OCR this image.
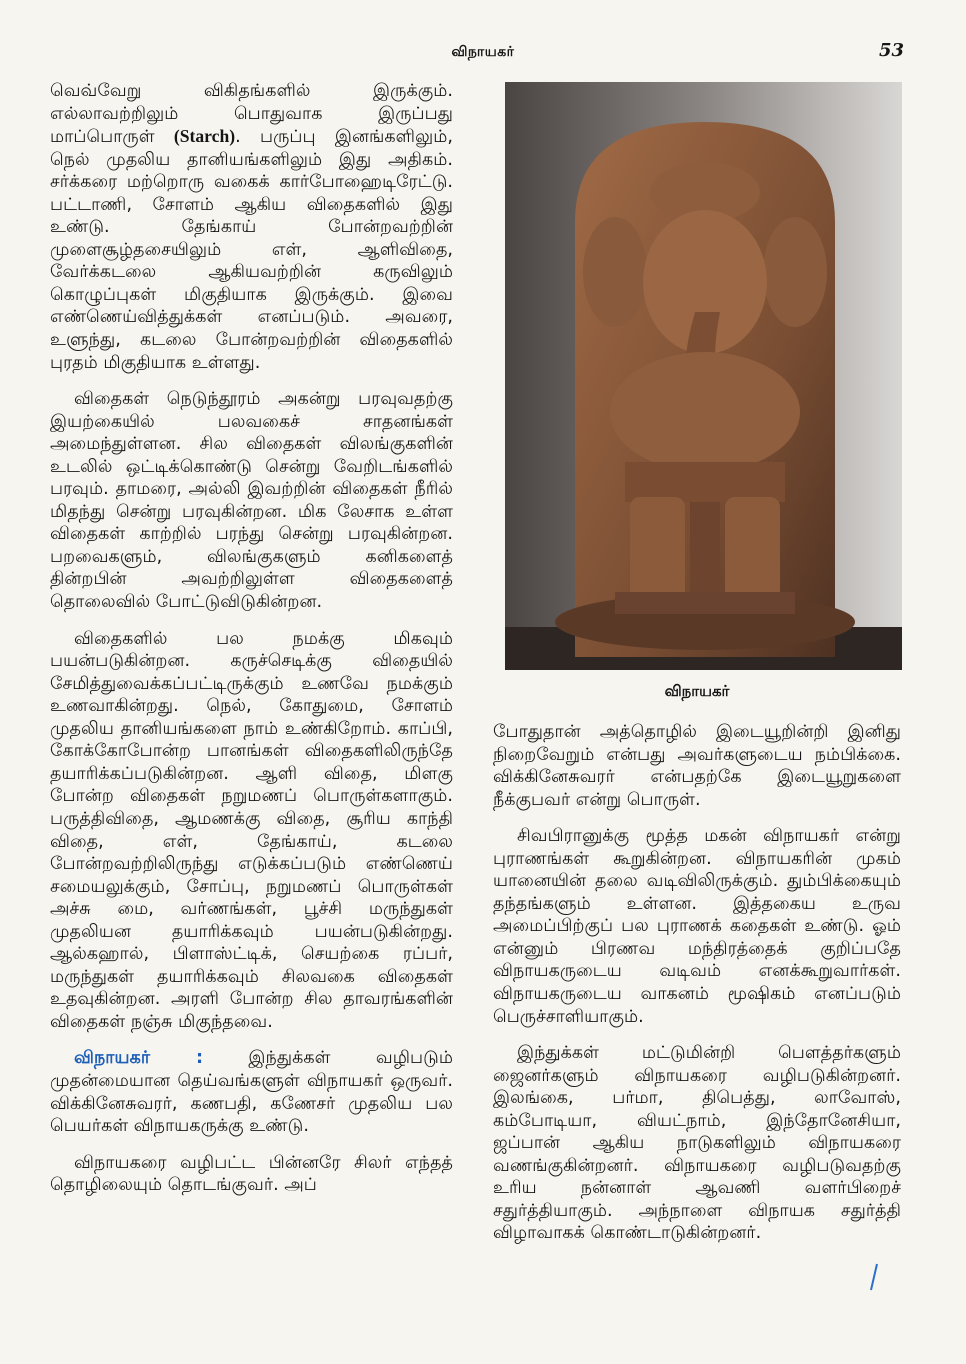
விநாயகர்	53

வெவ்வேறு விகிதங்களில் இருக்கும். எல்லாவற்றிலும் பொதுவாக இருப்பது மாப்பொருள் (Starch). பருப்பு இனங்களிலும், நெல் முதலிய தானியங்களிலும் இது அதிகம். சர்க்கரை மற்றொரு வகைக் கார்போஹைடிரேட்டு. பட்டாணி, சோளம் ஆகிய விதைகளில் இது உண்டு. தேங்காய் போன்றவற்றின் முளைசூழ்தசையிலும் எள், ஆளிவிதை, வேர்க்கடலை ஆகியவற்றின் கருவிலும் கொழுப்புகள் மிகுதியாக இருக்கும். இவை எண்ணெய்வித்துக்கள் எனப்படும். அவரை, உளுந்து, கடலை போன்றவற்றின் விதைகளில் புரதம் மிகுதியாக உள்ளது.

விதைகள் நெடுந்தூரம் அகன்று பரவுவதற்கு இயற்கையில் பலவகைச் சாதனங்கள் அமைந்துள்ளன. சில விதைகள் விலங்குகளின் உடலில் ஒட்டிக்கொண்டு சென்று வேறிடங்களில் பரவும். தாமரை, அல்லி இவற்றின் விதைகள் நீரில் மிதந்து சென்று பரவுகின்றன. மிக லேசாக உள்ள விதைகள் காற்றில் பரந்து சென்று பரவுகின்றன. பறவைகளும், விலங்குகளும் கனிகளைத் தின்றபின் அவற்றிலுள்ள விதைகளைத் தொலைவில் போட்டுவிடுகின்றன.

விதைகளில் பல நமக்கு மிகவும் பயன்படுகின்றன. கருச்செடிக்கு விதையில் சேமித்துவைக்கப்பட்டிருக்கும் உணவே நமக்கும் உணவாகின்றது. நெல், கோதுமை, சோளம் முதலிய தானியங்களை நாம் உண்கிறோம். காப்பி, கோக்கோபோன்ற பானங்கள் விதைகளிலிருந்தே தயாரிக்கப்படுகின்றன. ஆளி விதை, மிளகு போன்ற விதைகள் நறுமணப் பொருள்களாகும். பருத்திவிதை, ஆமணக்கு விதை, சூரிய காந்தி விதை, எள், தேங்காய், கடலை போன்றவற்றிலிருந்து எடுக்கப்படும் எண்ணெய் சமையலுக்கும், சோப்பு, நறுமணப் பொருள்கள் அச்சு மை, வர்ணங்கள், பூச்சி மருந்துகள் முதலியன தயாரிக்கவும் பயன்படுகின்றது. ஆல்கஹால், பிளாஸ்ட்டிக், செயற்கை ரப்பர், மருந்துகள் தயாரிக்கவும் சிலவகை விதைகள் உதவுகின்றன. அரளி போன்ற சில தாவரங்களின் விதைகள் நஞ்சு மிகுந்தவை.

விநாயகர் : இந்துக்கள் வழிபடும் முதன்மையான தெய்வங்களுள் விநாயகர் ஒருவர். விக்கினேசுவரர், கணபதி, கணேசர் முதலிய பல பெயர்கள் விநாயகருக்கு உண்டு.

விநாயகரை வழிபட்ட பின்னரே சிலர் எந்தத் தொழிலையும் தொடங்குவர். அப்

விநாயகர்

போதுதான் அத்தொழில் இடையூறின்றி இனிது நிறைவேறும் என்பது அவர்களுடைய நம்பிக்கை. விக்கினேசுவரர் என்பதற்கே இடையூறுகளை நீக்குபவர் என்று பொருள்.

சிவபிரானுக்கு மூத்த மகன் விநாயகர் என்று புராணங்கள் கூறுகின்றன. விநாயகரின் முகம் யானையின் தலை வடிவிலிருக்கும். தும்பிக்கையும் தந்தங்களும் உள்ளன. இத்தகைய உருவ அமைப்பிற்குப் பல புராணக் கதைகள் உண்டு. ஓம் என்னும் பிரணவ மந்திரத்தைக் குறிப்பதே விநாயகருடைய வடிவம் எனக்கூறுவார்கள். விநாயகருடைய வாகனம் மூஷிகம் எனப்படும் பெருச்சாளியாகும்.

இந்துக்கள் மட்டுமின்றி பௌத்தர்களும் ஜைனர்களும் விநாயகரை வழிபடுகின்றனர். இலங்கை, பர்மா, திபெத்து, லாவோஸ், கம்போடியா, வியட்நாம், இந்தோனேசியா, ஜப்பான் ஆகிய நாடுகளிலும் விநாயகரை வணங்குகின்றனர். விநாயகரை வழிபடுவதற்கு உரிய நன்னாள் ஆவணி வளர்பிறைச் சதுர்த்தியாகும். அந்நாளை விநாயக சதுர்த்தி விழாவாகக் கொண்டாடுகின்றனர்.
